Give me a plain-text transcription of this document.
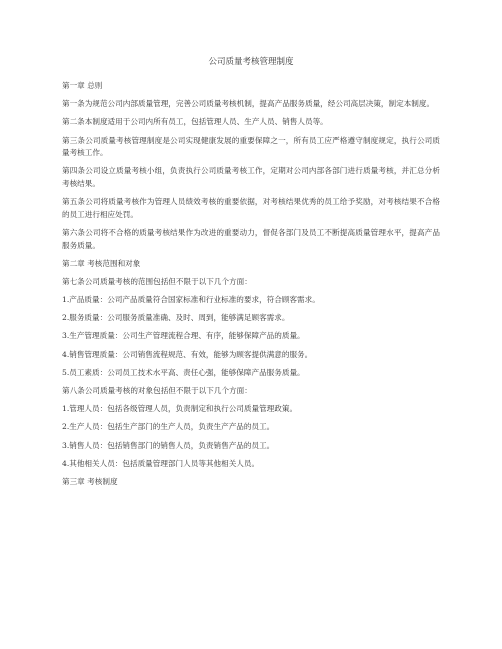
公司质量考核管理制度

第一章 总则

第一条为规范公司内部质量管理，完善公司质量考核机制，提高产品服务质量，经公司高层决策，制定本制度。

第二条本制度适用于公司内所有员工，包括管理人员、生产人员、销售人员等。

第三条公司质量考核管理制度是公司实现健康发展的重要保障之一，所有员工应严格遵守制度规定，执行公司质量考核工作。

第四条公司设立质量考核小组，负责执行公司质量考核工作，定期对公司内部各部门进行质量考核，并汇总分析考核结果。

第五条公司将质量考核作为管理人员绩效考核的重要依据，对考核结果优秀的员工给予奖励，对考核结果不合格的员工进行相应处罚。

第六条公司将不合格的质量考核结果作为改进的重要动力，督促各部门及员工不断提高质量管理水平，提高产品服务质量。

第二章 考核范围和对象

第七条公司质量考核的范围包括但不限于以下几个方面：

1.产品质量：公司产品质量符合国家标准和行业标准的要求，符合顾客需求。

2.服务质量：公司服务质量准确、及时、周到，能够满足顾客需求。

3.生产管理质量：公司生产管理流程合理、有序，能够保障产品的质量。

4.销售管理质量：公司销售流程规范、有效，能够为顾客提供满意的服务。

5.员工素质：公司员工技术水平高、责任心强，能够保障产品服务质量。

第八条公司质量考核的对象包括但不限于以下几个方面：

1.管理人员：包括各级管理人员，负责制定和执行公司质量管理政策。

2.生产人员：包括生产部门的生产人员，负责生产产品的员工。

3.销售人员：包括销售部门的销售人员，负责销售产品的员工。

4.其他相关人员：包括质量管理部门人员等其他相关人员。

第三章 考核制度
